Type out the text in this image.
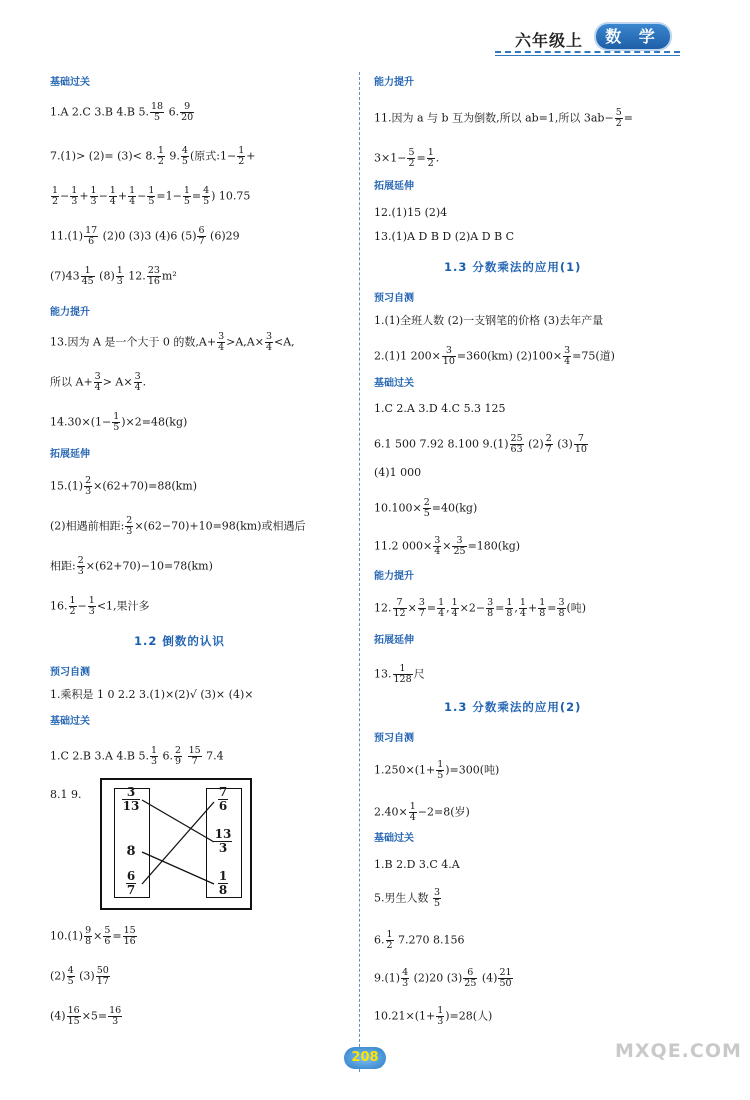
六年级上	数 学
基础过关
1.A 2.C 3.B 4.B 5. $\frac{18}{5} 6$. $\frac{9}{20}$
7.(1)> (2)= (3)< 8. $\frac{1}{2} 9$. $\frac{4}{5}$ (原式:1− $\frac{1}{2}$ +
$\frac{1}{2} - \frac{1}{3} + \frac{1}{3} - \frac{1}{4} + \frac{1}{4} - \frac{1}{5} =1- \frac{1}{5} = \frac{4}{5}$ ) 10.75
$11.(1) \frac{17}{6} (2)0$ (3)3 (4)6 $(5) \frac{6}{7} (6)29$
$(7)43 \frac{1}{45} (8) \frac{1}{3} 12$. $\frac{23}{16} m^2$
能力提升
13.因为 A 是一个大于 0 的数$,A+ \frac{3}{4} >A,A\times \frac{3}{4} <A$,
所以 $A+ \frac{3}{4} > A\times \frac{3}{4}$ .
$14.30\times(1- \frac{1}{5} )\times 2=48(kg)$
拓展延伸
$15.(1) \frac{2}{3} \times(62+70)=88(km)$
(2)相遇前相距: $\frac{2}{3} \times(62-70)+10=98(km)$或相遇后
相距: $\frac{2}{3} \times(62+70)-10=78(km)$
16. $\frac{1}{2} - \frac{1}{3} <1$,果汁多
1.2 倒数的认识
预习自测
1.乘积是 1 0 2.2 3.(1)×(2)√ (3)× (4)×
基础过关
1.C 2.B 3.A 4.B 5. $\frac{1}{3} 6$. $\frac{2}{9}$
$\frac{15}{7} 7.4$
8.1 9.
$10.(1) \frac{9}{8} \times \frac{5}{6} = \frac{15}{16}$
$(2) \frac{4}{5} (3) \frac{50}{17}$
$(4) \frac{16}{15} \times 5= \frac{16}{3}$
$\frac{3}{13}$
8
$\frac{6}{7}$
$\frac{7}{6}$
$\frac{13}{3}$
$\frac{1}{8}$
能力提升
11.因为 a 与 b 互为倒数,所以 ab=1,所以 $3ab- \frac{5}{2}$ =
$3\times 1- \frac{5}{2} = \frac{1}{2}$ .
拓展延伸
12.(1)15 (2)4
13.(1)A D B D (2)A D B C
1.3 分数乘法的应用(1)
预习自测
1.(1)全班人数 (2)一支钢笔的价格 (3)去年产量
2.(1)1 $200\times \frac{3}{10} =360(km)$ $(2)100\times \frac{3}{4} =75$(道)
基础过关
1.C 2.A 3.D 4.C 5.3 125
6.1 500 7.92 8.100 $9.(1) \frac{25}{63} (2) \frac{2}{7} (3) \frac{7}{10}$
(4)1 000
$10.100\times \frac{2}{5} =40(kg)$
11.2 $000\times \frac{3}{4} \times \frac{3}{25} =180(kg)$
能力提升
12. $\frac{7}{12} \times \frac{3}{7} = \frac{1}{4}$ , $\frac{1}{4} \times 2- \frac{3}{8} = \frac{1}{8}$ , $\frac{1}{4} + \frac{1}{8} = \frac{3}{8}$ (吨)
拓展延伸
13. $\frac{1}{128}$ 尺
1.3 分数乘法的应用(2)
预习自测
$1.250\times(1+ \frac{1}{5} )=300$(吨)
$2.40\times \frac{1}{4} -2=8$(岁)
基础过关
1.B 2.D 3.C 4.A
5.男生人数 $\frac{3}{5}$
6. $\frac{1}{2} 7.270$ 8.156
$9.(1) \frac{4}{3} (2)20$ $(3) \frac{6}{25} (4) \frac{21}{50}$
$10.21\times(1+ \frac{1}{3} )=28$(人)
208	MXQE.COM
